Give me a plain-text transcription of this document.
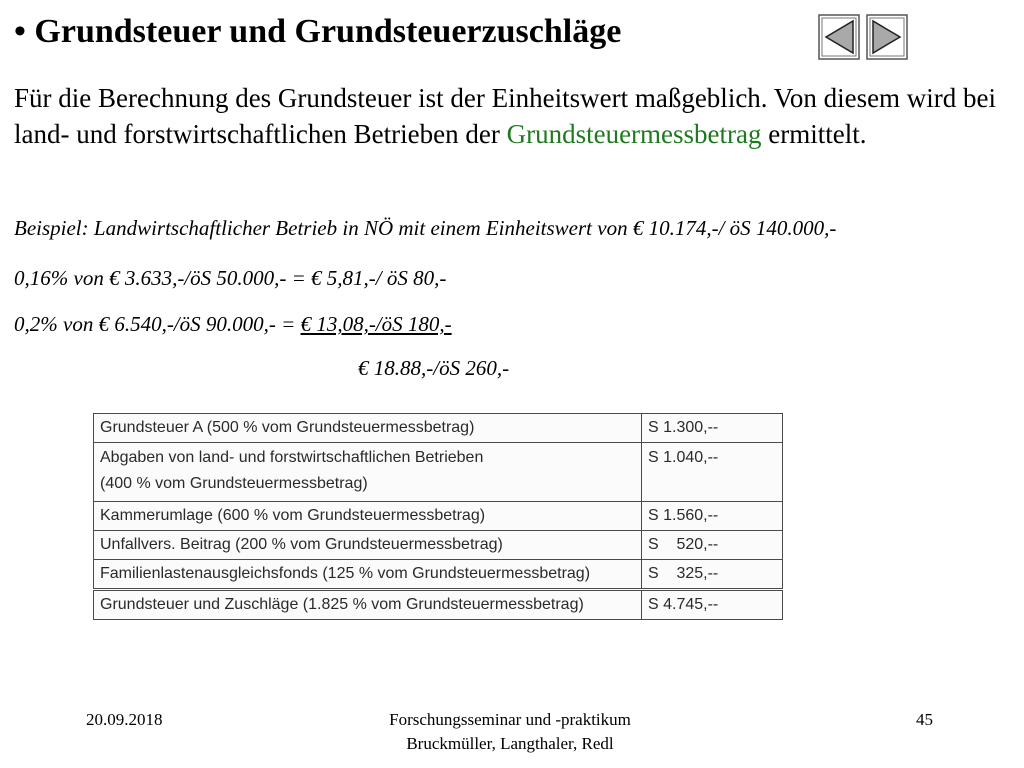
• Grundsteuer und Grundsteuerzuschläge

Für die Berechnung des Grundsteuer ist der Einheitswert maßgeblich. Von diesem wird bei land- und forstwirtschaftlichen Betrieben der Grundsteuermessbetrag ermittelt.

Beispiel: Landwirtschaftlicher Betrieb in NÖ mit einem Einheitswert von € 10.174,-/ öS 140.000,-

0,16% von € 3.633,-/öS 50.000,- = € 5,81,-/ öS 80,-

0,2% von € 6.540,-/öS 90.000,- = € 13,08,-/öS 180,-

€ 18.88,-/öS 260,-

Grundsteuer A (500 % vom Grundsteuermessbetrag)	S 1.300,--
Abgaben von land- und forstwirtschaftlichen Betrieben
(400 % vom Grundsteuermessbetrag)	S 1.040,--
Kammerumlage (600 % vom Grundsteuermessbetrag)	S 1.560,--
Unfallvers. Beitrag (200 % vom Grundsteuermessbetrag)	S    520,--
Familienlastenausgleichsfonds (125 % vom Grundsteuermessbetrag)	S    325,--
Grundsteuer und Zuschläge (1.825 % vom Grundsteuermessbetrag)	S 4.745,--
20.09.2018	Forschungsseminar und -praktikum
Bruckmüller, Langthaler, Redl
45
